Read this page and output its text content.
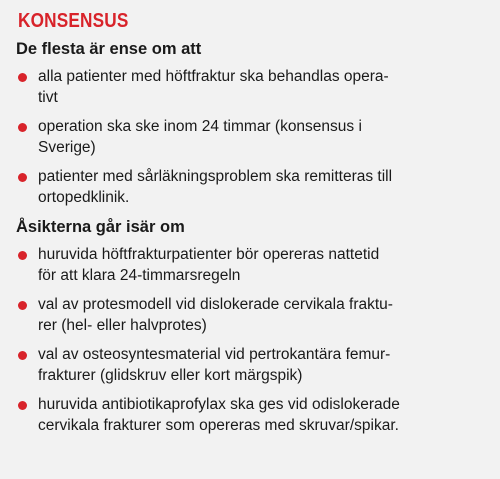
KONSENSUS
De flesta är ense om att
alla patienter med höftfraktur ska behandlas opera-
tivt
operation ska ske inom 24 timmar (konsensus i
Sverige)
patienter med sårläkningsproblem ska remitteras till
ortopedklinik.
Åsikterna går isär om
huruvida höftfrakturpatienter bör opereras nattetid
för att klara 24-timmarsregeln
val av protesmodell vid dislokerade cervikala fraktu-
rer (hel- eller halvprotes)
val av osteosyntesmaterial vid pertrokantära femur-
frakturer (glidskruv eller kort märgspik)
huruvida antibiotikaprofylax ska ges vid odislokerade
cervikala frakturer som opereras med skruvar/spikar.
